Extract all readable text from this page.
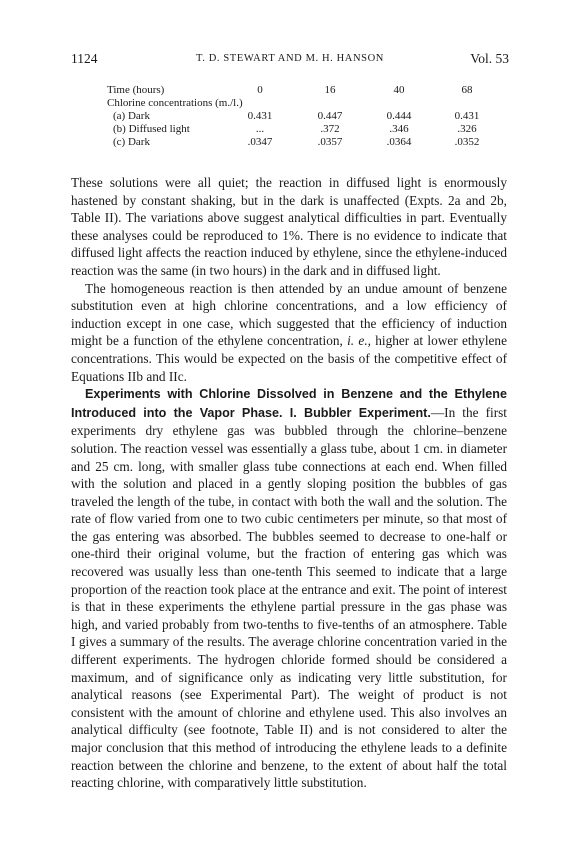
1124	T. D. STEWART AND M. H. HANSON	Vol. 53
Time (hours)	0	16	40	68
Chlorine concentrations (m./l.)
(a) Dark	0.431	0.447	0.444	0.431
(b) Diffused light	...	.372	.346	.326
(c) Dark	.0347	.0357	.0364	.0352

These solutions were all quiet; the reaction in diffused light is enormously hastened by constant shaking, but in the dark is unaffected (Expts. 2a and 2b, Table II). The variations above suggest analytical difficulties in part. Eventually these analyses could be reproduced to 1%. There is no evidence to indicate that diffused light affects the reaction induced by ethylene, since the ethylene-induced reaction was the same (in two hours) in the dark and in diffused light.

The homogeneous reaction is then attended by an undue amount of benzene substitution even at high chlorine concentrations, and a low efficiency of induction except in one case, which suggested that the efficiency of induction might be a function of the ethylene concentration, i. e., higher at lower ethylene concentrations. This would be expected on the basis of the competitive effect of Equations IIb and IIc.

Experiments with Chlorine Dissolved in Benzene and the Ethylene Introduced into the Vapor Phase. I. Bubbler Experiment.—In the first experiments dry ethylene gas was bubbled through the chlorine–benzene solution. The reaction vessel was essentially a glass tube, about 1 cm. in diameter and 25 cm. long, with smaller glass tube connections at each end. When filled with the solution and placed in a gently sloping position the bubbles of gas traveled the length of the tube, in contact with both the wall and the solution. The rate of flow varied from one to two cubic centimeters per minute, so that most of the gas entering was absorbed. The bubbles seemed to decrease to one-half or one-third their original volume, but the fraction of entering gas which was recovered was usually less than one-tenth This seemed to indicate that a large proportion of the reaction took place at the entrance and exit. The point of interest is that in these experiments the ethylene partial pressure in the gas phase was high, and varied probably from two-tenths to five-tenths of an atmosphere. Table I gives a summary of the results. The average chlorine concentration varied in the different experiments. The hydrogen chloride formed should be considered a maximum, and of significance only as indicating very little substitution, for analytical reasons (see Experimental Part). The weight of product is not consistent with the amount of chlorine and ethylene used. This also involves an analytical difficulty (see footnote, Table II) and is not considered to alter the major conclusion that this method of introducing the ethylene leads to a definite reaction between the chlorine and benzene, to the extent of about half the total reacting chlorine, with comparatively little substitution.
